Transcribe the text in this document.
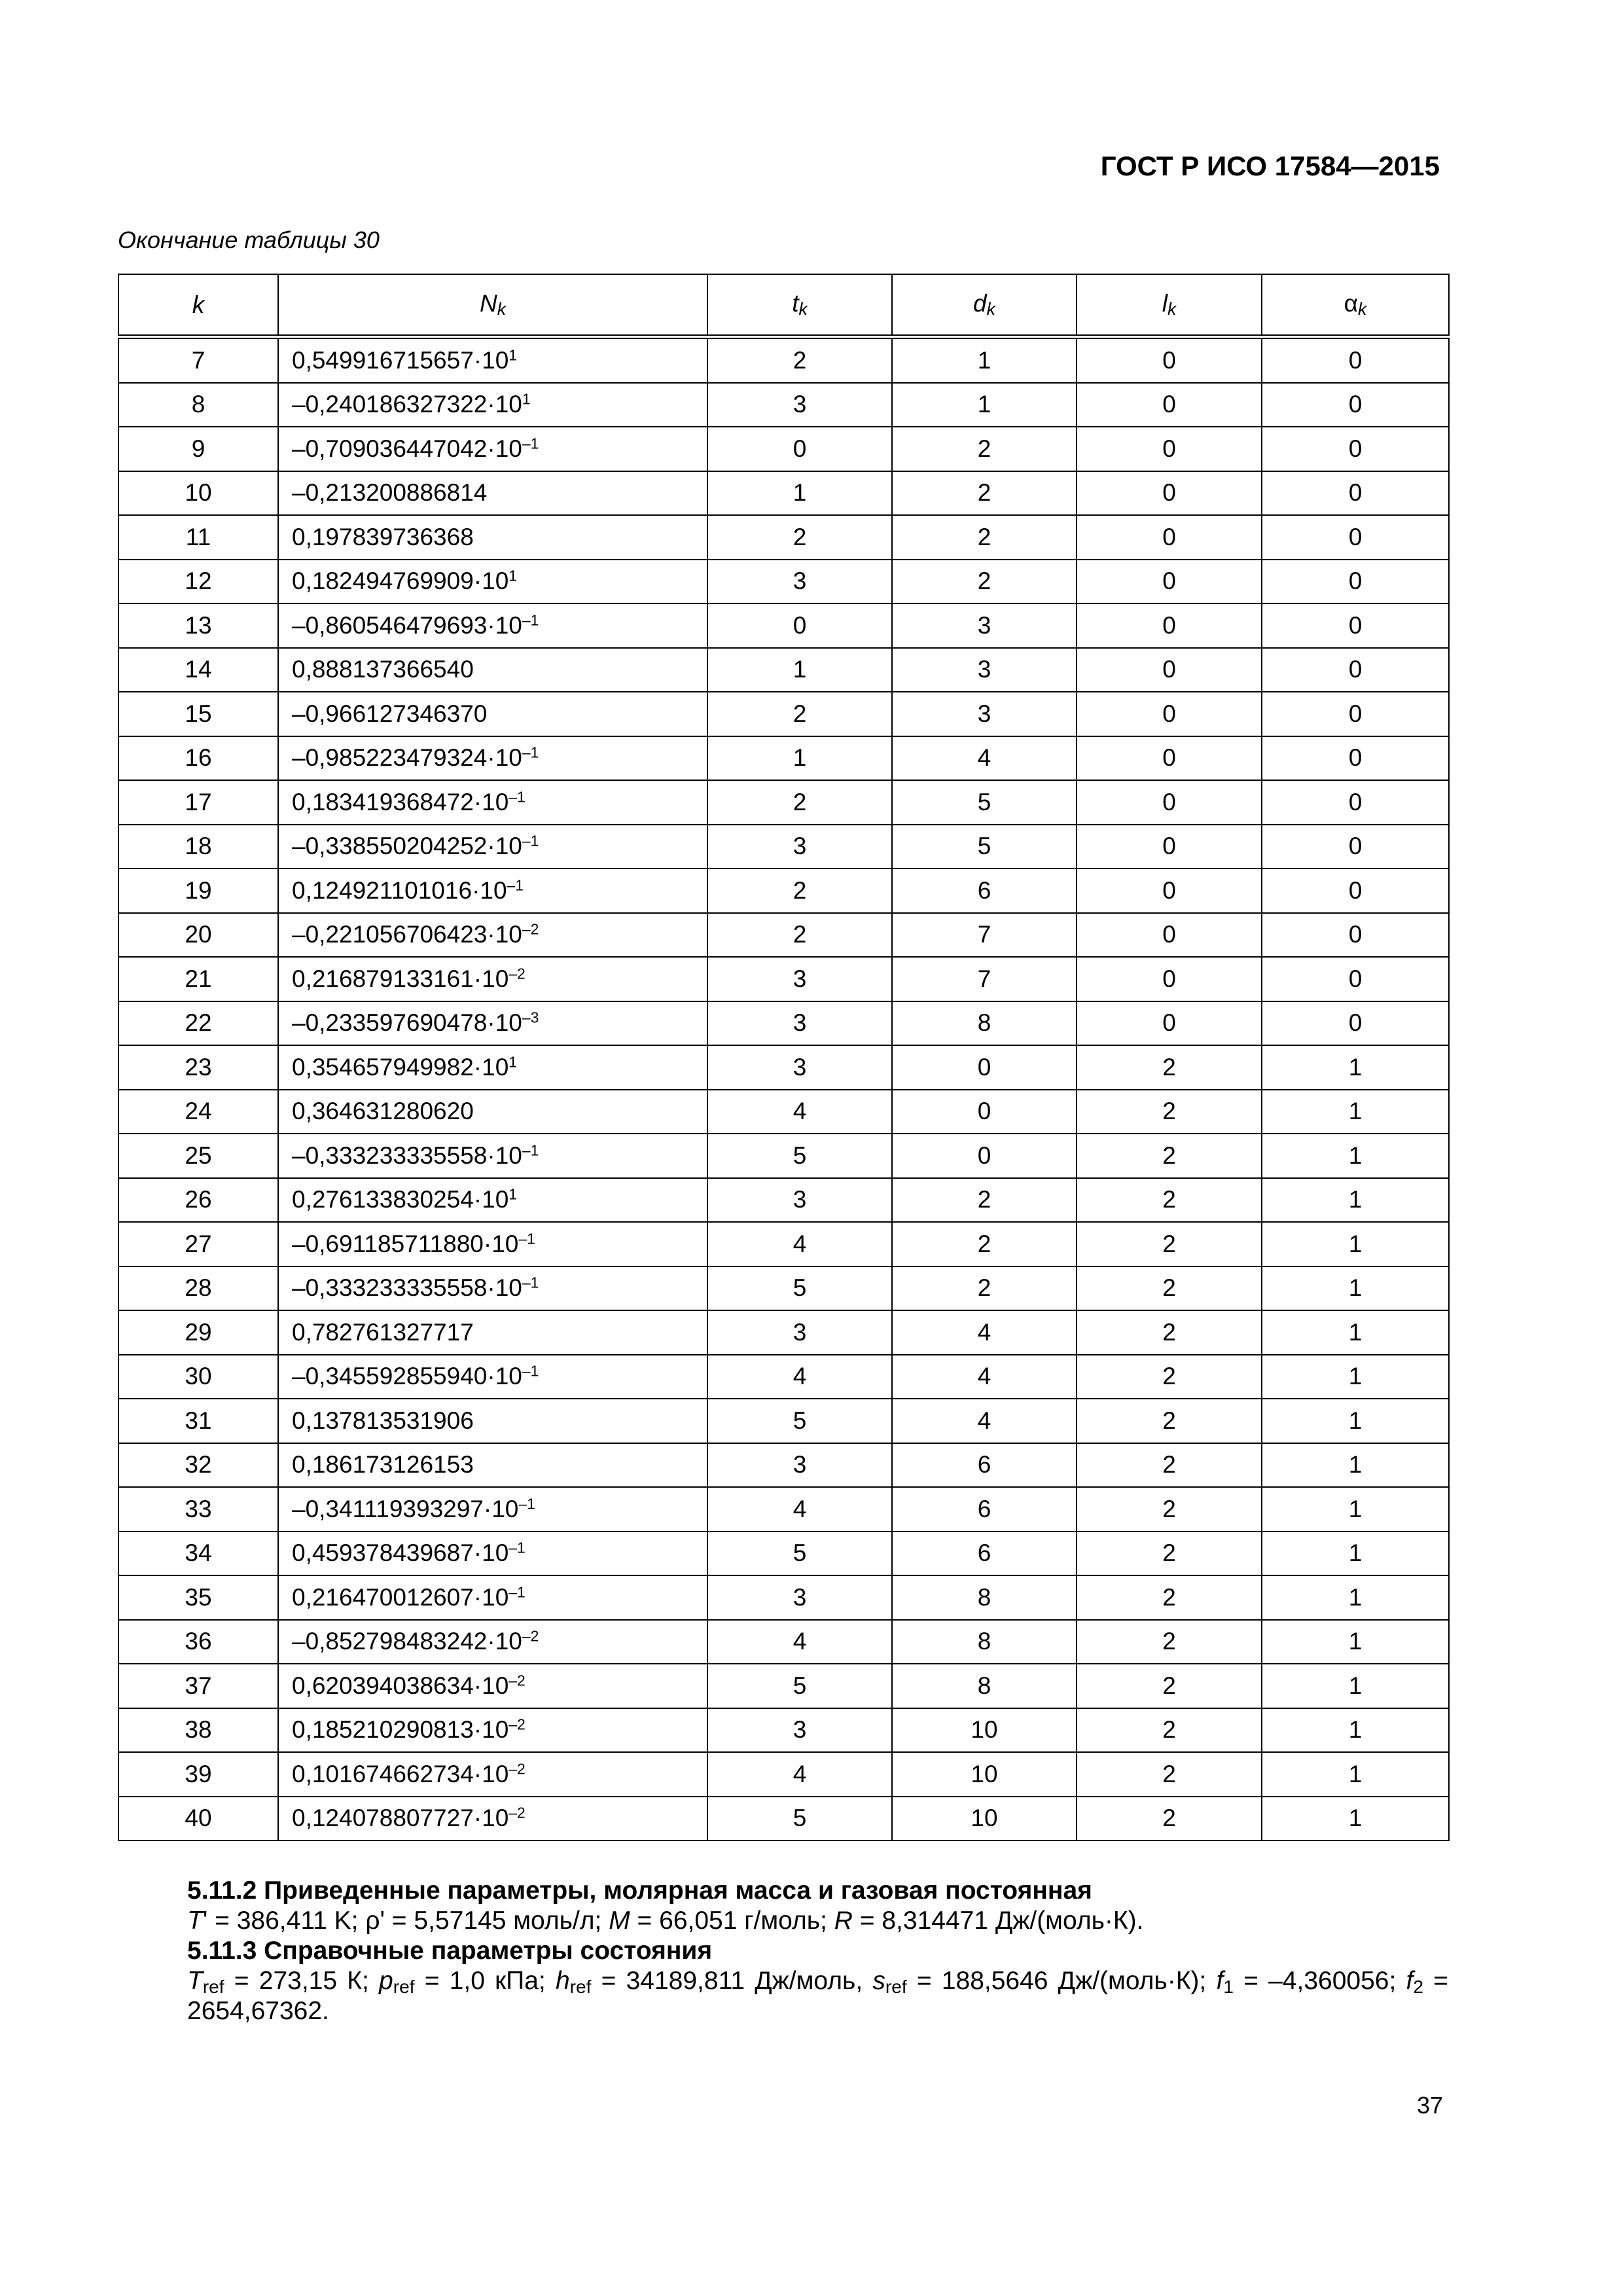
ГОСТ Р ИСО 17584—2015
Окончание таблицы 30
k	Nk	tk	dk	lk	αk
7	$0,549916715657\cdot 10^1$	2	1	0	0
8	$-0,240186327322\cdot 10^1$	3	1	0	0
9	$-0,709036447042\cdot 10^{-1}$	0	2	0	0
10	–0,213200886814	1	2	0	0
11	0,197839736368	2	2	0	0
12	$0,182494769909\cdot 10^1$	3	2	0	0
13	$-0,860546479693\cdot 10^{-1}$	0	3	0	0
14	0,888137366540	1	3	0	0
15	–0,966127346370	2	3	0	0
16	$-0,985223479324\cdot 10^{-1}$	1	4	0	0
17	$0,183419368472\cdot 10^{-1}$	2	5	0	0
18	$-0,338550204252\cdot 10^{-1}$	3	5	0	0
19	$0,124921101016\cdot 10^{-1}$	2	6	0	0
20	$-0,221056706423\cdot 10^{-2}$	2	7	0	0
21	$0,216879133161\cdot 10^{-2}$	3	7	0	0
22	$-0,233597690478\cdot 10^{-3}$	3	8	0	0
23	$0,354657949982\cdot 10^1$	3	0	2	1
24	0,364631280620	4	0	2	1
25	$-0,333233335558\cdot 10^{-1}$	5	0	2	1
26	$0,276133830254\cdot 10^1$	3	2	2	1
27	$-0,691185711880\cdot 10^{-1}$	4	2	2	1
28	$-0,333233335558\cdot 10^{-1}$	5	2	2	1
29	0,782761327717	3	4	2	1
30	$-0,345592855940\cdot 10^{-1}$	4	4	2	1
31	0,137813531906	5	4	2	1
32	0,186173126153	3	6	2	1
33	$-0,341119393297\cdot 10^{-1}$	4	6	2	1
34	$0,459378439687\cdot 10^{-1}$	5	6	2	1
35	$0,216470012607\cdot 10^{-1}$	3	8	2	1
36	$-0,852798483242\cdot 10^{-2}$	4	8	2	1
37	$0,620394038634\cdot 10^{-2}$	5	8	2	1
38	$0,185210290813\cdot 10^{-2}$	3	10	2	1
39	$0,101674662734\cdot 10^{-2}$	4	10	2	1
40	$0,124078807727\cdot 10^{-2}$	5	10	2	1
5.11.2 Приведенные параметры, молярная масса и газовая постоянная
T' = 386,411 K; ρ' = 5,57145 моль/л; M = 66,051 г/моль; R = 8,314471 Дж/(моль·К).
5.11.3 Справочные параметры состояния
$T_{ref} = 273,15$ К; $p_{ref} = 1,0$ кПа; $h_{ref} = 34189,811$ Дж/моль, $s_{ref} = 188,5646$ Дж/(моль·К); $f_1 = -4,360056$; $f_2 = 2654,67362$.
37
